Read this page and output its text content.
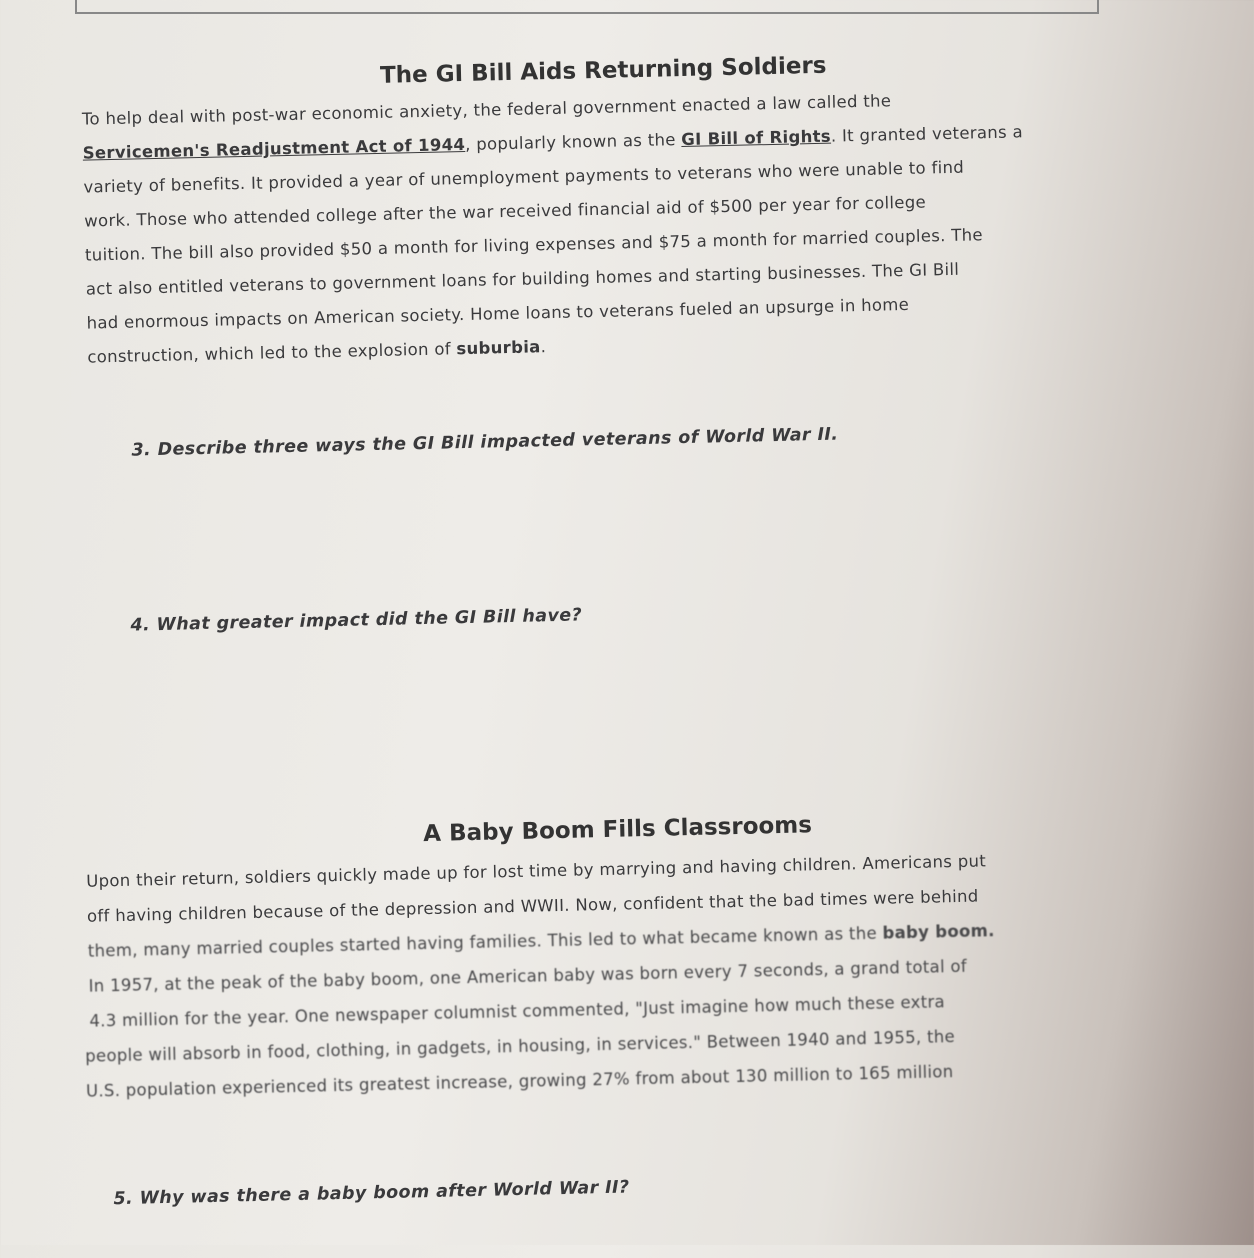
The GI Bill Aids Returning Soldiers
To help deal with post-war economic anxiety, the federal government enacted a law called the
Servicemen's Readjustment Act of 1944, popularly known as the GI Bill of Rights. It granted veterans a
variety of benefits. It provided a year of unemployment payments to veterans who were unable to find
work. Those who attended college after the war received financial aid of $500 per year for college
tuition. The bill also provided $50 a month for living expenses and $75 a month for married couples. The
act also entitled veterans to government loans for building homes and starting businesses. The GI Bill
had enormous impacts on American society. Home loans to veterans fueled an upsurge in home
construction, which led to the explosion of suburbia.
3. Describe three ways the GI Bill impacted veterans of World War II.
4. What greater impact did the GI Bill have?
A Baby Boom Fills Classrooms
Upon their return, soldiers quickly made up for lost time by marrying and having children. Americans put
off having children because of the depression and WWII. Now, confident that the bad times were behind
them, many married couples started having families. This led to what became known as the baby boom.
In 1957, at the peak of the baby boom, one American baby was born every 7 seconds, a grand total of
4.3 million for the year. One newspaper columnist commented, "Just imagine how much these extra
people will absorb in food, clothing, in gadgets, in housing, in services." Between 1940 and 1955, the
U.S. population experienced its greatest increase, growing 27% from about 130 million to 165 million
5. Why was there a baby boom after World War II?
